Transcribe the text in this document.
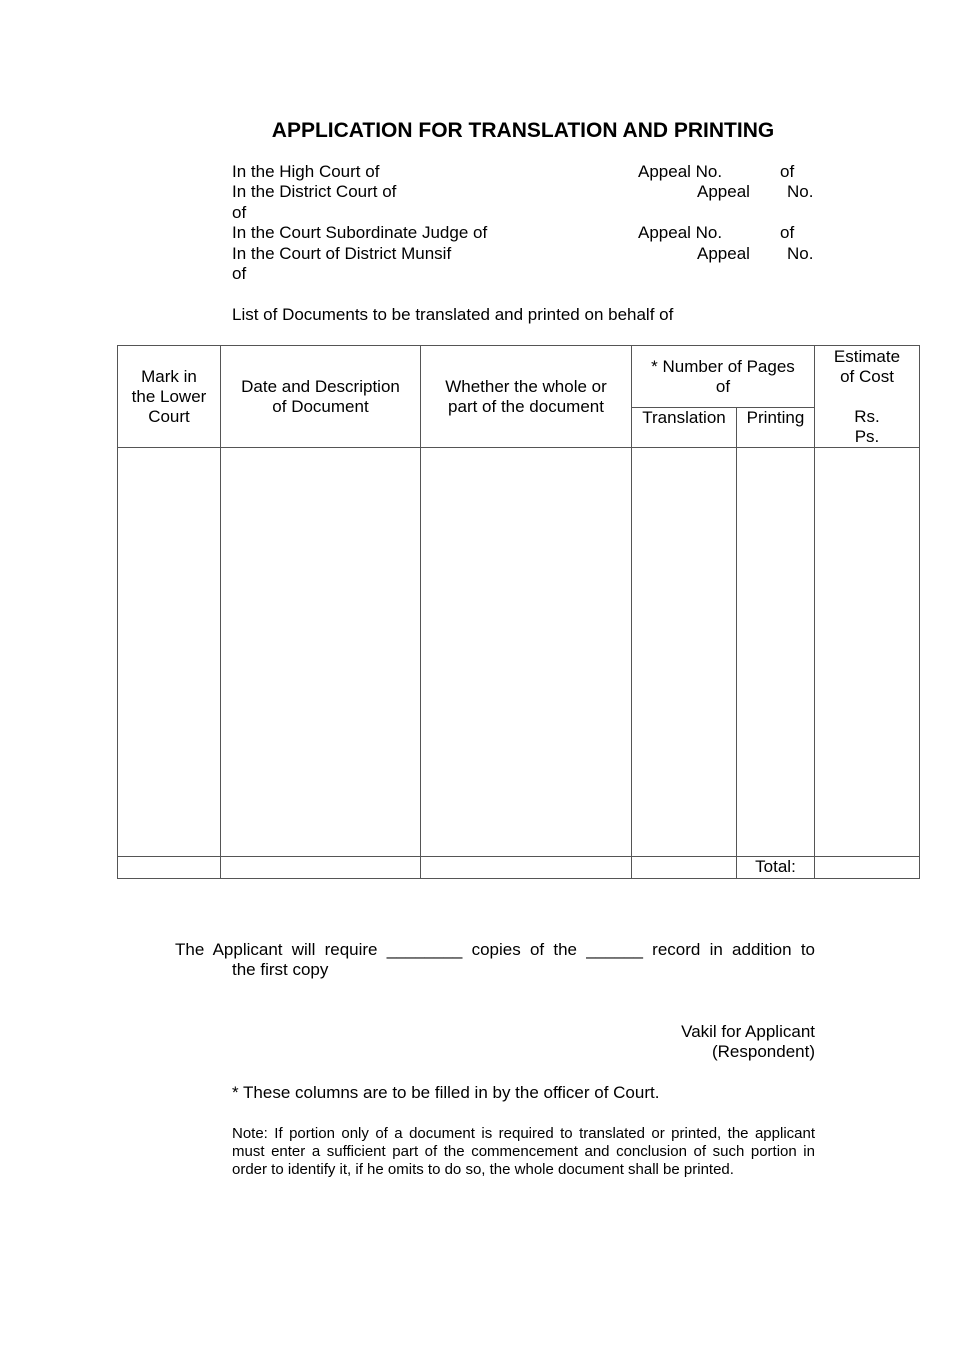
APPLICATION FOR TRANSLATION AND PRINTING
In the High Court of	Appeal No.	of
In the District Court of	Appeal No.
of
In the Court Subordinate Judge of	Appeal No.	of
In the Court of District Munsif	Appeal No.
of
List of Documents to be translated and printed on behalf of
Mark in the Lower Court	Date and Description of Document	Whether the whole or part of the document	* Number of Pages of		Estimate of Cost
Rs.
Ps.

			Translation	Printing	

				Total:	
The Applicant will require ________ copies of the ______ record in addition to
the first copy
Vakil for Applicant
(Respondent)
* These columns are to be filled in by the officer of Court.
Note: If portion only of a document is required to translated or printed, the applicant must enter a sufficient part of the commencement and conclusion of such portion in order to identify it, if he omits to do so, the whole document shall be printed.
